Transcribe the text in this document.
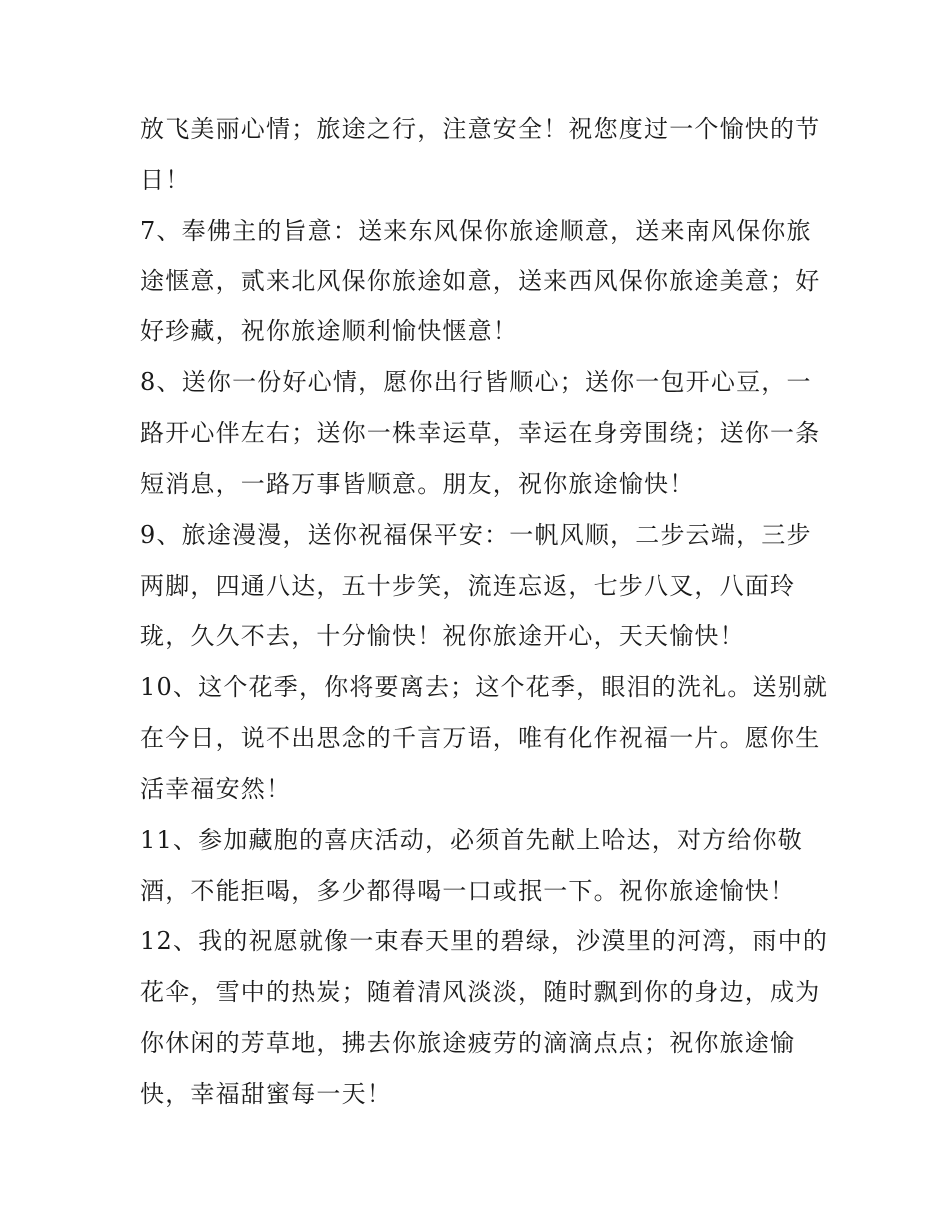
放飞美丽心情；旅途之行，注意安全！祝您度过一个愉快的节
日！
7、奉佛主的旨意：送来东风保你旅途顺意，送来南风保你旅
途惬意，贰来北风保你旅途如意，送来西风保你旅途美意；好
好珍藏，祝你旅途顺利愉快惬意！
8、送你一份好心情，愿你出行皆顺心；送你一包开心豆，一
路开心伴左右；送你一株幸运草，幸运在身旁围绕；送你一条
短消息，一路万事皆顺意。朋友，祝你旅途愉快！
9、旅途漫漫，送你祝福保平安：一帆风顺，二步云端，三步
两脚，四通八达，五十步笑，流连忘返，七步八叉，八面玲
珑，久久不去，十分愉快！祝你旅途开心，天天愉快！
10、这个花季，你将要离去；这个花季，眼泪的洗礼。送别就
在今日，说不出思念的千言万语，唯有化作祝福一片。愿你生
活幸福安然！
11、参加藏胞的喜庆活动，必须首先献上哈达，对方给你敬
酒，不能拒喝，多少都得喝一口或抿一下。祝你旅途愉快！
12、我的祝愿就像一束春天里的碧绿，沙漠里的河湾，雨中的
花伞，雪中的热炭；随着清风淡淡，随时飘到你的身边，成为
你休闲的芳草地，拂去你旅途疲劳的滴滴点点；祝你旅途愉
快，幸福甜蜜每一天！
